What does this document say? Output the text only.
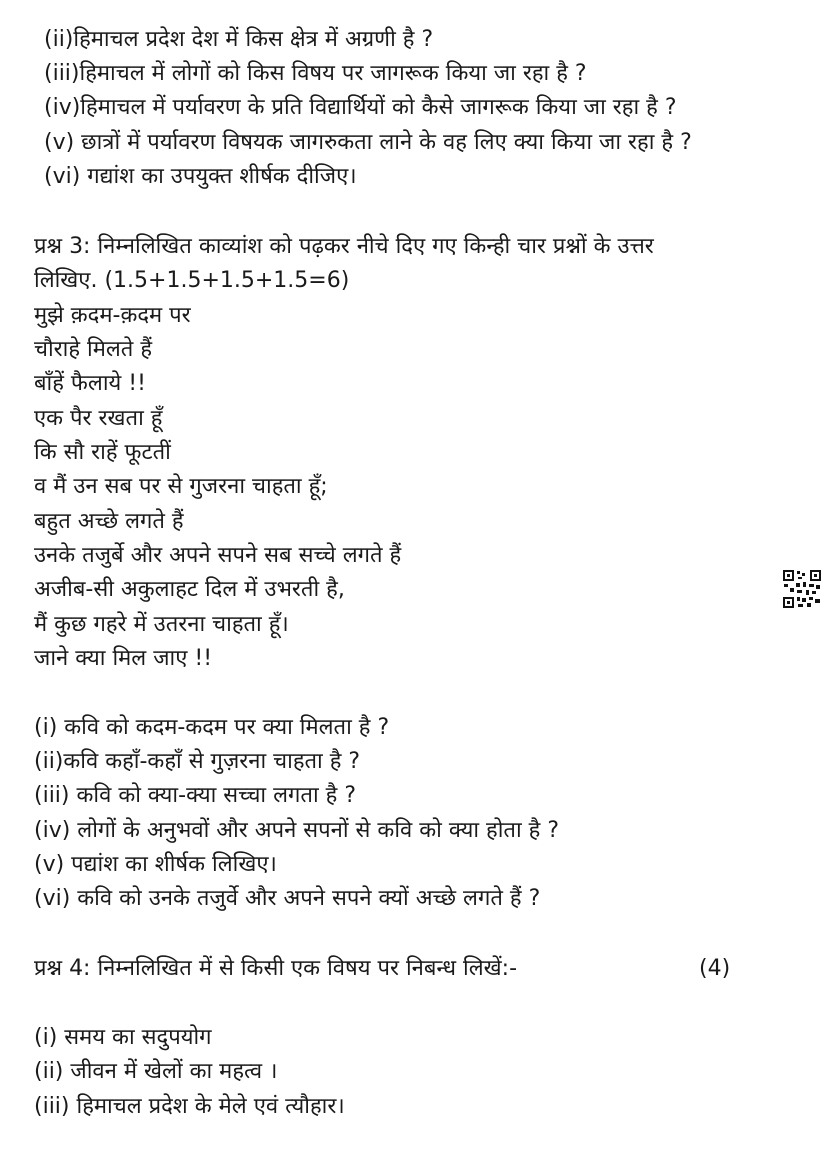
(ii)हिमाचल प्रदेश देश में किस क्षेत्र में अग्रणी है ?
(iii)हिमाचल में लोगों को किस विषय पर जागरूक किया जा रहा है ?
(iv)हिमाचल में पर्यावरण के प्रति विद्यार्थियों को कैसे जागरूक किया जा रहा है ?
(v) छात्रों में पर्यावरण विषयक जागरुकता लाने के वह लिए क्या किया जा रहा है ?
(vi) गद्यांश का उपयुक्त शीर्षक दीजिए।
प्रश्न 3: निम्नलिखित काव्यांश को पढ़कर नीचे दिए गए किन्ही चार प्रश्नों के उत्तर
लिखिए. (1.5+1.5+1.5+1.5=6)
मुझे क़दम-क़दम पर
चौराहे मिलते हैं
बाँहें फैलाये !!
एक पैर रखता हूँ
कि सौ राहें फूटतीं
व मैं उन सब पर से गुजरना चाहता हूँ;
बहुत अच्छे लगते हैं
उनके तजुर्बे और अपने सपने सब सच्चे लगते हैं
अजीब-सी अकुलाहट दिल में उभरती है,
मैं कुछ गहरे में उतरना चाहता हूँ।
जाने क्या मिल जाए !!
(i) कवि को कदम-कदम पर क्या मिलता है ?
(ii)कवि कहाँ-कहाँ से गुज़रना चाहता है ?
(iii) कवि को क्या-क्या सच्चा लगता है ?
(iv) लोगों के अनुभवों और अपने सपनों से कवि को क्या होता है ?
(v) पद्यांश का शीर्षक लिखिए।
(vi) कवि को उनके तजुर्वे और अपने सपने क्यों अच्छे लगते हैं ?
प्रश्न 4: निम्नलिखित में से किसी एक विषय पर निबन्ध लिखें:-	(4)
(i) समय का सदुपयोग
(ii) जीवन में खेलों का महत्व ।
(iii) हिमाचल प्रदेश के मेले एवं त्यौहार।
